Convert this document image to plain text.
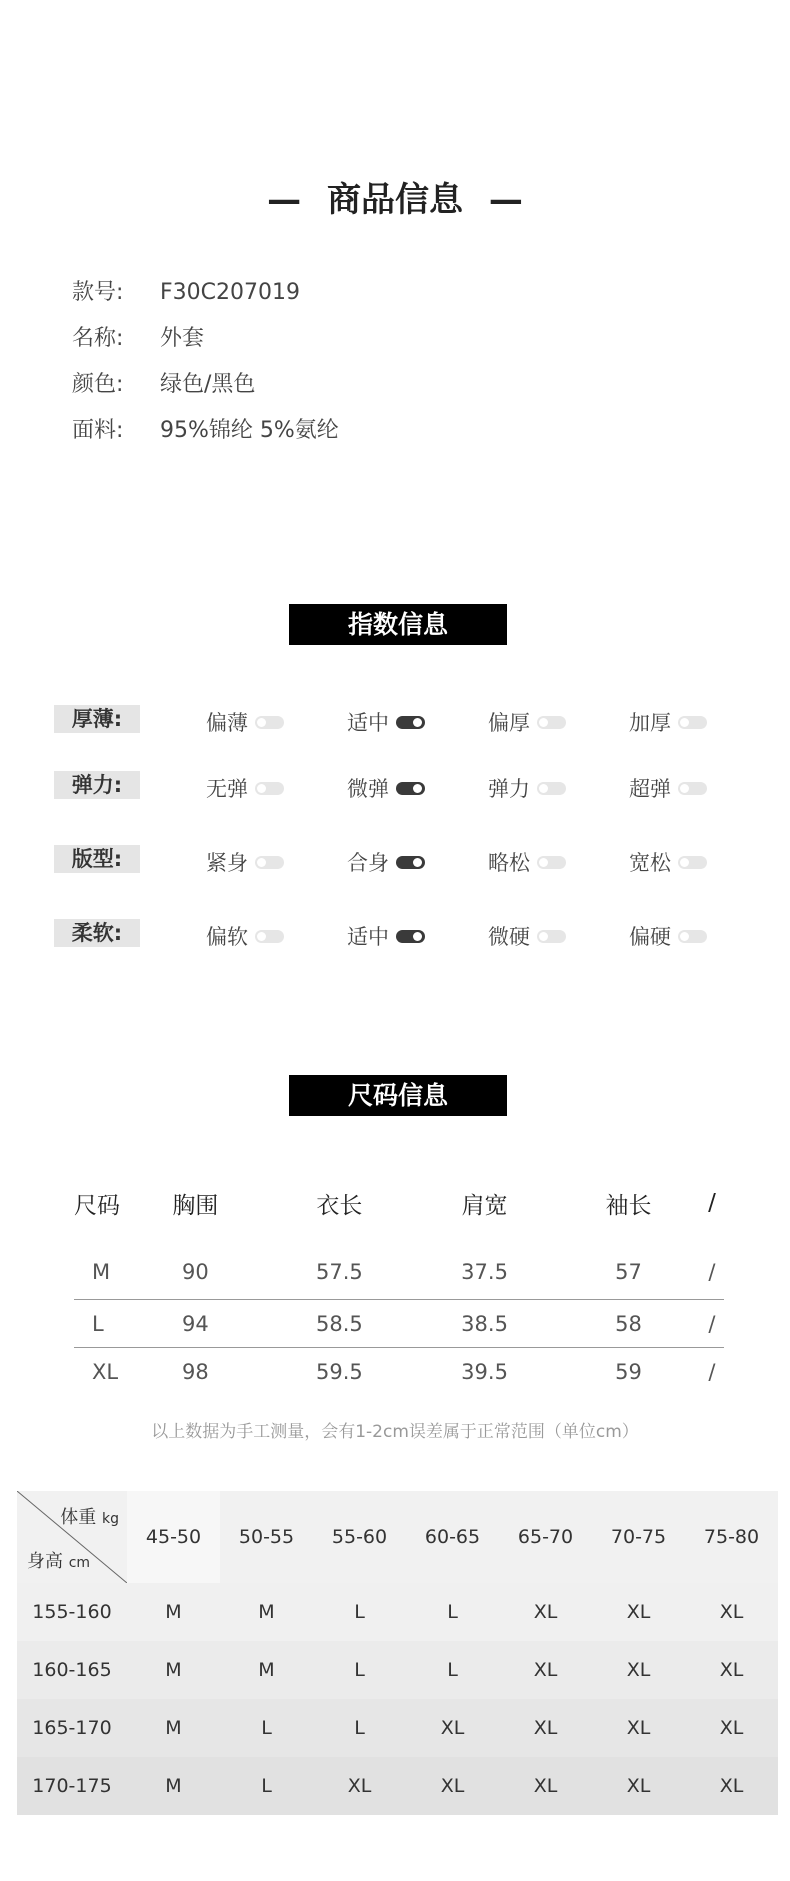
— 商品信息 —
款号: F30C207019
名称: 外套
颜色: 绿色/黑色
面料: 95%锦纶 5%氨纶
指数信息
厚薄:	偏薄	适中	偏厚	加厚
弹力:	无弹	微弹	弹力	超弹
版型:	紧身	合身	略松	宽松
柔软:	偏软	适中	微硬	偏硬
尺码信息
尺码	胸围	衣长	肩宽	袖长	/
M	90	57.5	37.5	57	/
L	94	58.5	38.5	58	/
XL	98	59.5	39.5	59	/
以上数据为手工测量，会有1-2cm误差属于正常范围（单位cm）
体重 kg
身高 cm	45-50	50-55	55-60	60-65	65-70	70-75	75-80
155-160	M	M	L	L	XL	XL	XL
160-165	M	M	L	L	XL	XL	XL
165-170	M	L	L	XL	XL	XL	XL
170-175	M	L	XL	XL	XL	XL	XL
